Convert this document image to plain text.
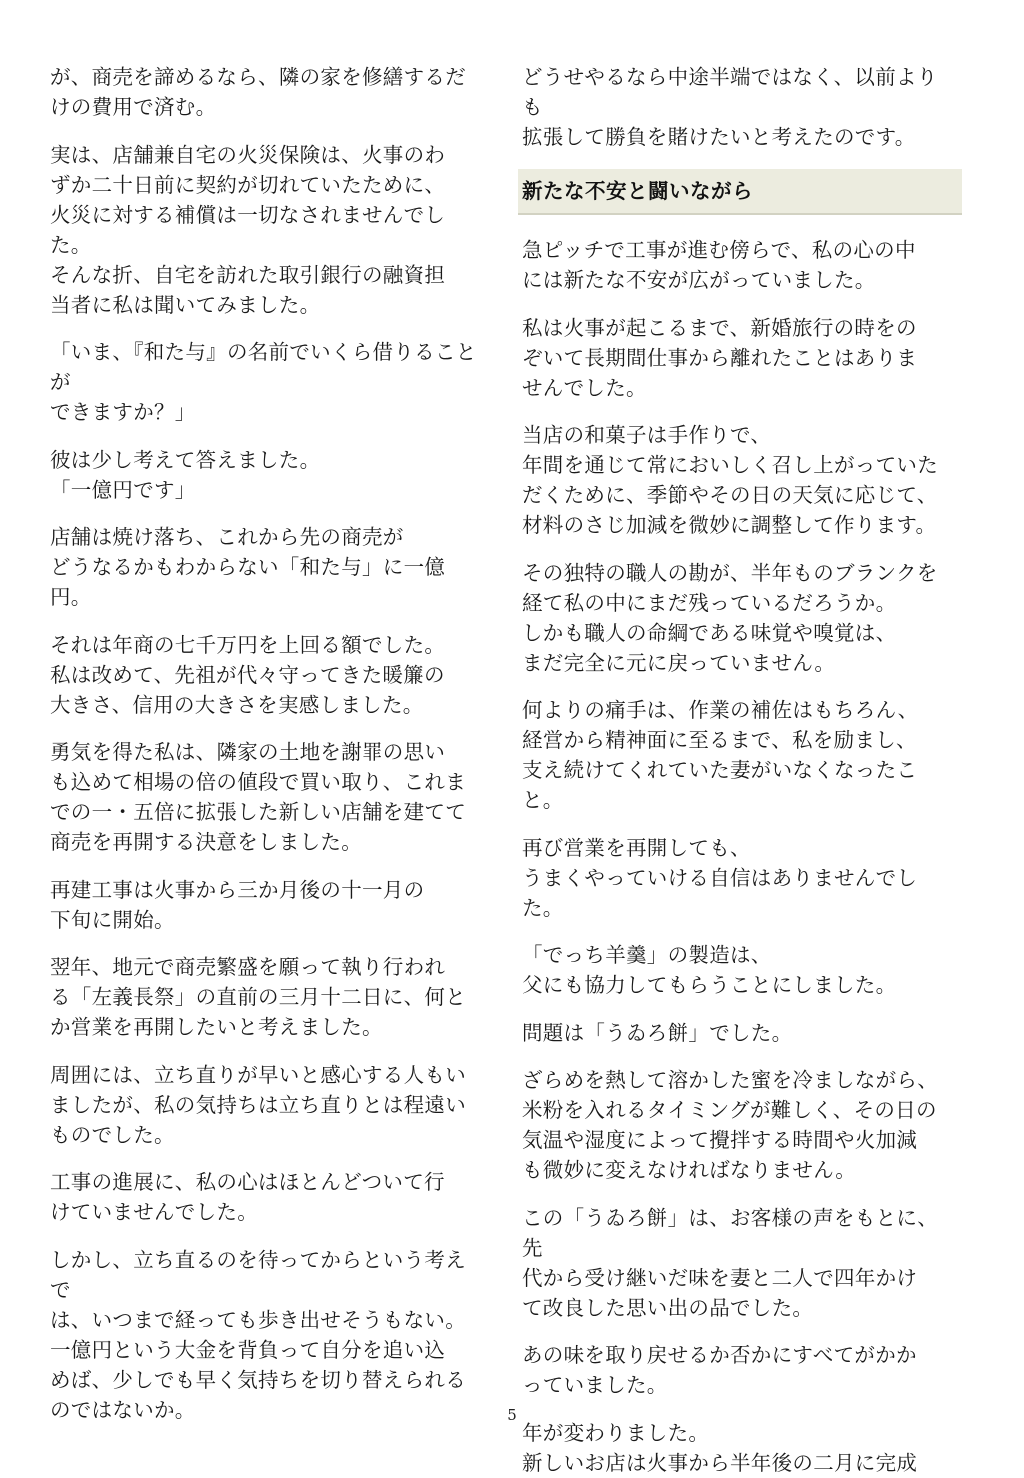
が、商売を諦めるなら、隣の家を修繕するだ
けの費用で済む。

実は、店舗兼自宅の火災保険は、火事のわ
ずか二十日前に契約が切れていたために、
火災に対する補償は一切なされませんでし
た。
そんな折、自宅を訪れた取引銀行の融資担
当者に私は聞いてみました。

「いま、『和た与』の名前でいくら借りることが
できますか？」

彼は少し考えて答えました。
「一億円です」

店舗は焼け落ち、これから先の商売が
どうなるかもわからない「和た与」に一億円。

それは年商の七千万円を上回る額でした。
私は改めて、先祖が代々守ってきた暖簾の
大きさ、信用の大きさを実感しました。

勇気を得た私は、隣家の土地を謝罪の思い
も込めて相場の倍の値段で買い取り、これま
での一・五倍に拡張した新しい店舗を建てて
商売を再開する決意をしました。

再建工事は火事から三か月後の十一月の
下旬に開始。

翌年、地元で商売繁盛を願って執り行われ
る「左義長祭」の直前の三月十二日に、何と
か営業を再開したいと考えました。

周囲には、立ち直りが早いと感心する人もい
ましたが、私の気持ちは立ち直りとは程遠い
ものでした。

工事の進展に、私の心はほとんどついて行
けていませんでした。

しかし、立ち直るのを待ってからという考えで
は、いつまで経っても歩き出せそうもない。
一億円という大金を背負って自分を追い込
めば、少しでも早く気持ちを切り替えられる
のではないか。

どうせやるなら中途半端ではなく、以前よりも
拡張して勝負を賭けたいと考えたのです。

新たな不安と闘いながら

急ピッチで工事が進む傍らで、私の心の中
には新たな不安が広がっていました。

私は火事が起こるまで、新婚旅行の時をの
ぞいて長期間仕事から離れたことはありま
せんでした。

当店の和菓子は手作りで、
年間を通じて常においしく召し上がっていた
だくために、季節やその日の天気に応じて、
材料のさじ加減を微妙に調整して作ります。

その独特の職人の勘が、半年ものブランクを
経て私の中にまだ残っているだろうか。
しかも職人の命綱である味覚や嗅覚は、
まだ完全に元に戻っていません。

何よりの痛手は、作業の補佐はもちろん、
経営から精神面に至るまで、私を励まし、
支え続けてくれていた妻がいなくなったこと。

再び営業を再開しても、
うまくやっていける自信はありませんでした。

「でっち羊羹」の製造は、
父にも協力してもらうことにしました。

問題は「うゐろ餅」でした。

ざらめを熱して溶かした蜜を冷ましながら、
米粉を入れるタイミングが難しく、その日の
気温や湿度によって攪拌する時間や火加減
も微妙に変えなければなりません。

この「うゐろ餅」は、お客様の声をもとに、先
代から受け継いだ味を妻と二人で四年かけ
て改良した思い出の品でした。

あの味を取り戻せるか否かにすべてがかか
っていました。

年が変わりました。
新しいお店は火事から半年後の二月に完成

5
